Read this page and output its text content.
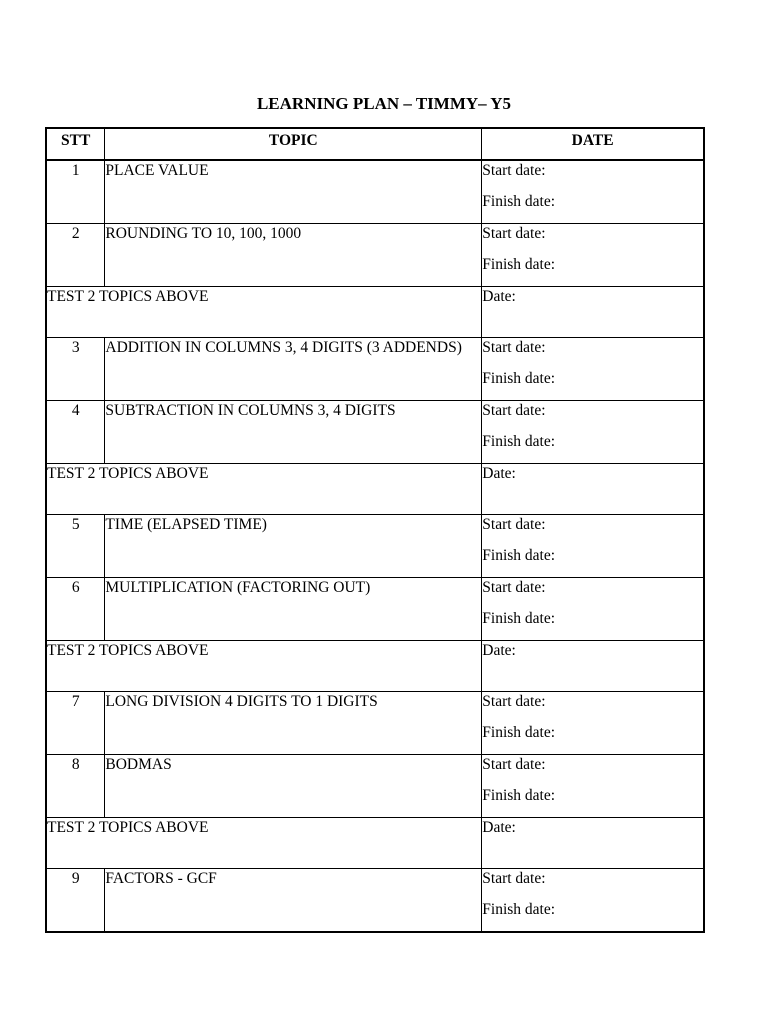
LEARNING PLAN – TIMMY– Y5
STT	TOPIC	DATE
1	PLACE VALUE	Start date:
Finish date:

2	ROUNDING TO 10, 100, 1000	Start date:
Finish date:

TEST 2 TOPICS ABOVE		Date:
3	ADDITION IN COLUMNS 3, 4 DIGITS (3 ADDENDS)	Start date:
Finish date:

4	SUBTRACTION IN COLUMNS 3, 4 DIGITS	Start date:
Finish date:

TEST 2 TOPICS ABOVE		Date:
5	TIME (ELAPSED TIME)	Start date:
Finish date:

6	MULTIPLICATION (FACTORING OUT)	Start date:
Finish date:

TEST 2 TOPICS ABOVE		Date:
7	LONG DIVISION 4 DIGITS TO 1 DIGITS	Start date:
Finish date:

8	BODMAS	Start date:
Finish date:

TEST 2 TOPICS ABOVE		Date:
9	FACTORS - GCF	Start date:
Finish date:
